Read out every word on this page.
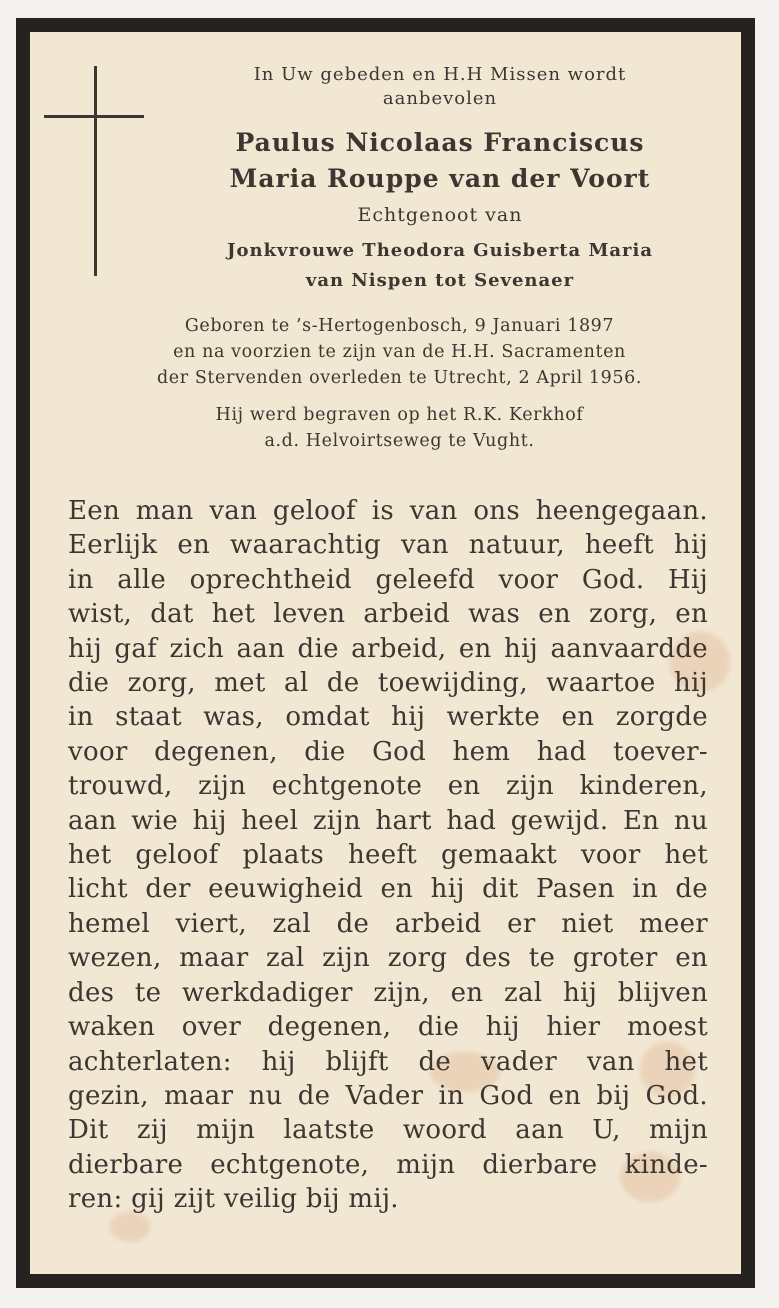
In Uw gebeden en H.H Missen wordt
aanbevolen
Paulus Nicolaas Franciscus
Maria Rouppe van der Voort
Echtgenoot van
Jonkvrouwe Theodora Guisberta Maria
van Nispen tot Sevenaer
Geboren te ’s-Hertogenbosch, 9 Januari 1897
en na voorzien te zijn van de H.H. Sacramenten
der Stervenden overleden te Utrecht, 2 April 1956.
Hij werd begraven op het R.K. Kerkhof
a.d. Helvoirtseweg te Vught.
Een man van geloof is van ons heengegaan.
Eerlijk en waarachtig van natuur, heeft hij
in alle oprechtheid geleefd voor God. Hij
wist, dat het leven arbeid was en zorg, en
hij gaf zich aan die arbeid, en hij aanvaardde
die zorg, met al de toewijding, waartoe hij
in staat was, omdat hij werkte en zorgde
voor degenen, die God hem had toever-
trouwd, zijn echtgenote en zijn kinderen,
aan wie hij heel zijn hart had gewijd. En nu
het geloof plaats heeft gemaakt voor het
licht der eeuwigheid en hij dit Pasen in de
hemel viert, zal de arbeid er niet meer
wezen, maar zal zijn zorg des te groter en
des te werkdadiger zijn, en zal hij blijven
waken over degenen, die hij hier moest
achterlaten: hij blijft de vader van het
gezin, maar nu de Vader in God en bij God.
Dit zij mijn laatste woord aan U, mijn
dierbare echtgenote, mijn dierbare kinde-
ren: gij zijt veilig bij mij.
